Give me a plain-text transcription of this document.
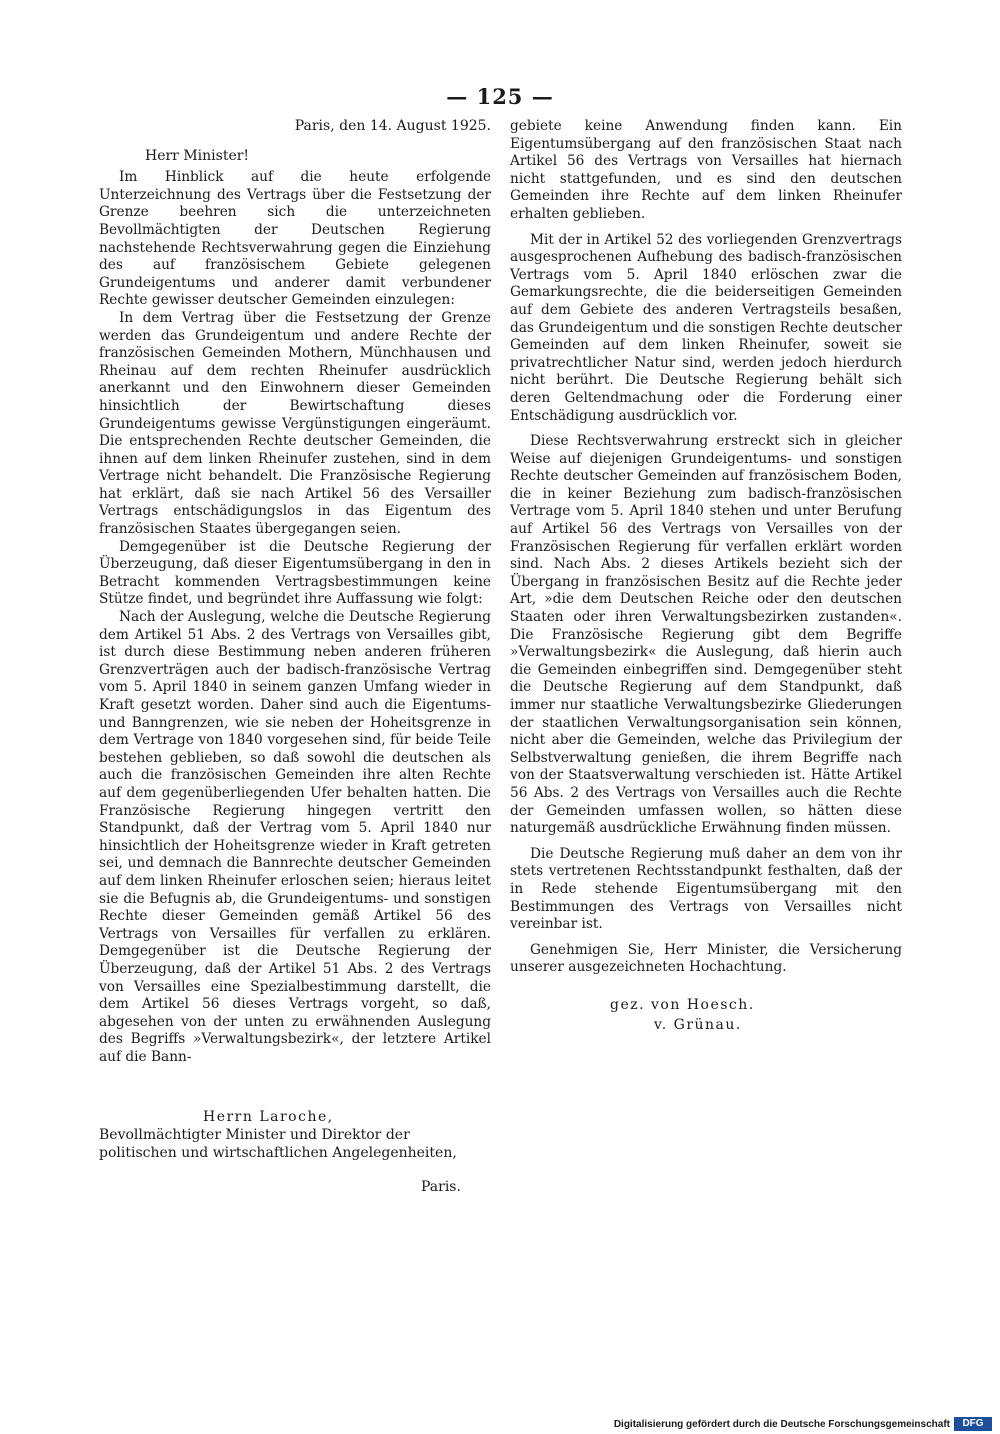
— 125 —
Paris, den 14. August 1925.
Herr Minister!

Im Hinblick auf die heute erfolgende Unterzeichnung des Vertrags über die Festsetzung der Grenze beehren sich die unterzeichneten Bevollmächtigten der Deutschen Regierung nachstehende Rechtsverwahrung gegen die Einziehung des auf französischem Gebiete gelegenen Grundeigentums und anderer damit verbundener Rechte gewisser deutscher Gemeinden einzulegen:

In dem Vertrag über die Festsetzung der Grenze werden das Grundeigentum und andere Rechte der französischen Gemeinden Mothern, Münchhausen und Rheinau auf dem rechten Rheinufer ausdrücklich anerkannt und den Einwohnern dieser Gemeinden hinsichtlich der Bewirtschaftung dieses Grundeigentums gewisse Vergünstigungen eingeräumt. Die entsprechenden Rechte deutscher Gemeinden, die ihnen auf dem linken Rheinufer zustehen, sind in dem Vertrage nicht behandelt. Die Französische Regierung hat erklärt, daß sie nach Artikel 56 des Versailler Vertrags entschädigungslos in das Eigentum des französischen Staates übergegangen seien.

Demgegenüber ist die Deutsche Regierung der Überzeugung, daß dieser Eigentumsübergang in den in Betracht kommenden Vertragsbestimmungen keine Stütze findet, und begründet ihre Auffassung wie folgt:

Nach der Auslegung, welche die Deutsche Regierung dem Artikel 51 Abs. 2 des Vertrags von Versailles gibt, ist durch diese Bestimmung neben anderen früheren Grenzverträgen auch der badisch-französische Vertrag vom 5. April 1840 in seinem ganzen Umfang wieder in Kraft gesetzt worden. Daher sind auch die Eigentums- und Banngrenzen, wie sie neben der Hoheitsgrenze in dem Vertrage von 1840 vorgesehen sind, für beide Teile bestehen geblieben, so daß sowohl die deutschen als auch die französischen Gemeinden ihre alten Rechte auf dem gegenüberliegenden Ufer behalten hatten. Die Französische Regierung hingegen vertritt den Standpunkt, daß der Vertrag vom 5. April 1840 nur hinsichtlich der Hoheitsgrenze wieder in Kraft getreten sei, und demnach die Bannrechte deutscher Gemeinden auf dem linken Rheinufer erloschen seien; hieraus leitet sie die Befugnis ab, die Grundeigentums- und sonstigen Rechte dieser Gemeinden gemäß Artikel 56 des Vertrags von Versailles für verfallen zu erklären. Demgegenüber ist die Deutsche Regierung der Überzeugung, daß der Artikel 51 Abs. 2 des Vertrags von Versailles eine Spezialbestimmung darstellt, die dem Artikel 56 dieses Vertrags vorgeht, so daß, abgesehen von der unten zu erwähnenden Auslegung des Begriffs »Verwaltungsbezirk«, der letztere Artikel auf die Bann-

gebiete keine Anwendung finden kann. Ein Eigentumsübergang auf den französischen Staat nach Artikel 56 des Vertrags von Versailles hat hiernach nicht stattgefunden, und es sind den deutschen Gemeinden ihre Rechte auf dem linken Rheinufer erhalten geblieben.

Mit der in Artikel 52 des vorliegenden Grenzvertrags ausgesprochenen Aufhebung des badisch-französischen Vertrags vom 5. April 1840 erlöschen zwar die Gemarkungsrechte, die die beiderseitigen Gemeinden auf dem Gebiete des anderen Vertragsteils besaßen, das Grundeigentum und die sonstigen Rechte deutscher Gemeinden auf dem linken Rheinufer, soweit sie privatrechtlicher Natur sind, werden jedoch hierdurch nicht berührt. Die Deutsche Regierung behält sich deren Geltendmachung oder die Forderung einer Entschädigung ausdrücklich vor.

Diese Rechtsverwahrung erstreckt sich in gleicher Weise auf diejenigen Grundeigentums- und sonstigen Rechte deutscher Gemeinden auf französischem Boden, die in keiner Beziehung zum badisch-französischen Vertrage vom 5. April 1840 stehen und unter Berufung auf Artikel 56 des Vertrags von Versailles von der Französischen Regierung für verfallen erklärt worden sind. Nach Abs. 2 dieses Artikels bezieht sich der Übergang in französischen Besitz auf die Rechte jeder Art, »die dem Deutschen Reiche oder den deutschen Staaten oder ihren Verwaltungsbezirken zustanden«. Die Französische Regierung gibt dem Begriffe »Verwaltungsbezirk« die Auslegung, daß hierin auch die Gemeinden einbegriffen sind. Demgegenüber steht die Deutsche Regierung auf dem Standpunkt, daß immer nur staatliche Verwaltungsbezirke Gliederungen der staatlichen Verwaltungsorganisation sein können, nicht aber die Gemeinden, welche das Privilegium der Selbstverwaltung genießen, die ihrem Begriffe nach von der Staatsverwaltung verschieden ist. Hätte Artikel 56 Abs. 2 des Vertrags von Versailles auch die Rechte der Gemeinden umfassen wollen, so hätten diese naturgemäß ausdrückliche Erwähnung finden müssen.

Die Deutsche Regierung muß daher an dem von ihr stets vertretenen Rechtsstandpunkt festhalten, daß der in Rede stehende Eigentumsübergang mit den Bestimmungen des Vertrags von Versailles nicht vereinbar ist.

Genehmigen Sie, Herr Minister, die Versicherung unserer ausgezeichneten Hochachtung.

gez. von Hoesch.
v. Grünau.
Herrn Laroche,
Bevollmächtigter Minister und Direktor der
politischen und wirtschaftlichen Angelegenheiten,
Paris.
Digitalisierung gefördert durch die Deutsche Forschungsgemeinschaft	DFG
